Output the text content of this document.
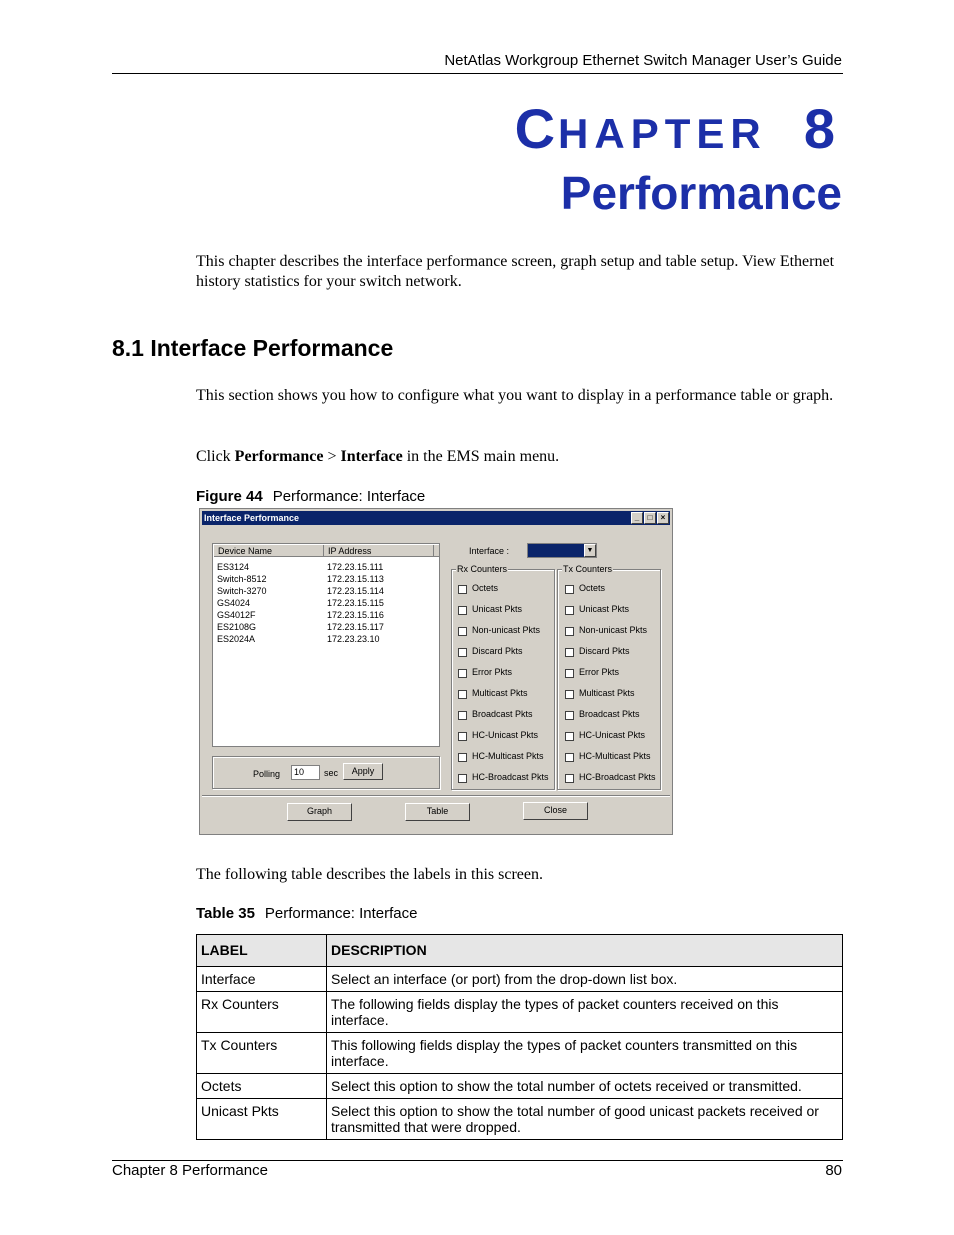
NetAtlas Workgroup Ethernet Switch Manager User’s Guide
CHAPTER 8
Performance
This chapter describes the interface performance screen, graph setup and table setup. View Ethernet history statistics for your switch network.
8.1 Interface Performance
This section shows you how to configure what you want to display in a performance table or graph.
Click Performance > Interface in the EMS main menu.
Figure 44 Performance: Interface
Interface Performance	_	□	×
Device Name	IP Address
ES3124	172.23.15.111
Switch-8512	172.23.15.113
Switch-3270	172.23.15.114
GS4024	172.23.15.115
GS4012F	172.23.15.116
ES2108G	172.23.15.117
ES2024A	172.23.23.10
Polling	10	sec	Apply
Interface :	▼
Rx Counters	Tx Counters
Octets
Unicast Pkts
Non-unicast Pkts
Discard Pkts
Error Pkts
Multicast Pkts
Broadcast Pkts
HC-Unicast Pkts
HC-Multicast Pkts
HC-Broadcast Pkts
Octets
Unicast Pkts
Non-unicast Pkts
Discard Pkts
Error Pkts
Multicast Pkts
Broadcast Pkts
HC-Unicast Pkts
HC-Multicast Pkts
HC-Broadcast Pkts
Graph	Table	Close
The following table describes the labels in this screen.
Table 35 Performance: Interface
LABEL	DESCRIPTION
Interface	Select an interface (or port) from the drop-down list box.
Rx Counters	The following fields display the types of packet counters received on this interface.
Tx Counters	This following fields display the types of packet counters transmitted on this interface.
Octets	Select this option to show the total number of octets received or transmitted.
Unicast Pkts	Select this option to show the total number of good unicast packets received or transmitted that were dropped.
Chapter 8 Performance	80
